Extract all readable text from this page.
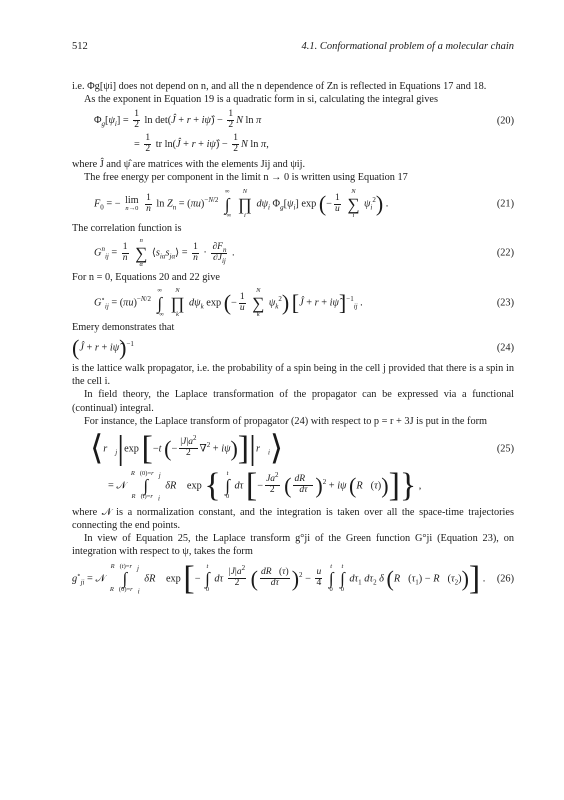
512	4.1. Conformational problem of a molecular chain

i.e. Φg[ψi] does not depend on n, and all the n dependence of Zn is reflected in Equations 17 and 18.

As the exponent in Equation 19 is a quadratic form in si, calculating the integral gives

$\Phi_g[\psi_i] = \frac{1}{2}$ ln det(Ĵ + r + iψ̂) − $\frac{1}{2}$ N ln π	(20)
= $\frac{1}{2}$ tr ln(Ĵ + r + iψ̂) − $\frac{1}{2}$ N ln π,

where Ĵ and ψ̂ are matrices with the elements Jij and ψij.

The free energy per component in the limit n → 0 is written using Equation 17

$F_0$ = − lim
n→0
$\frac{1}{n}$ $\ln Z_n = (\pi u)^{-N/2}$
∞
∫
−∞

N
∏
i
$d\psi_i$ $\Phi_g[\psi_i]$ exp (− $\frac{1}{u}$

N
∑
i
$\psi_i^2$) .	(21)

The correlation function is

$G^n_{ij} = \frac{1}{n}$

n
∑
α
$⟨s_{i\alpha}s_{j\alpha}⟩ = \frac{1}{n} \cdot \frac{\partial F_n}{\partial J_{ij}}$ .	(22)

For n = 0, Equations 20 and 22 give

$G^\circ_{ij} = (\pi u)^{-N/2}$
∞
∫
−∞

N
∏
k
$d\psi_k$ exp (− $\frac{1}{u}$

N
∑
k
$\psi_k^2$) [Ĵ + r + iψ̂]$^{-1}_{ij}$ .	(23)

Emery demonstrates that

(Ĵ + r + iψ̂)$^{-1}$	(24)

is the lattice walk propagator, i.e. the probability of a spin being in the cell j provided that there is a spin in the cell i.

In field theory, the Laplace transformation of the propagator can be expressed via a functional (continual) integral.

For instance, the Laplace transform of propagator (24) with respect to p = r + 3J is put in the form

$⟨r⃗_j|\exp$ [−t (− $\frac{|J|a^2}{2} \nabla^2$ + $i\psi)]|r⃗_i⟩$	(25)
= 𝒩
$R⃗(0)=r⃗_j$
∫
$R⃗(t)=r⃗_i$
δR⃗ exp { t
∫
0
dτ [− $\frac{Ja^2}{2}$ ( $\frac{dR⃗}{d\tau} )^2 + i\psi$ (R⃗(τ))]} ,

where 𝒩 is a normalization constant, and the integration is taken over all the space-time trajectories connecting the end points.

In view of Equation 25, the Laplace transform g°ji of the Green function G°ji (Equation 23), on integration with respect to ψ, takes the form

$g^\circ_{ji}$ = 𝒩
$R⃗(t)=r⃗_j$
∫
$R⃗(0)=r⃗_i$
δR⃗ exp [−
t
∫
0
dτ $\frac{|J|a^2}{2}$ ( $\frac{dR⃗(\tau)}{d\tau} )^2 - \frac{u}{4}$

t
∫
0

t
∫
0
$d\tau_1$ $d\tau_2$ δ ($R⃗(\tau_1)$ − $R⃗(\tau_2)$)] . (26)
